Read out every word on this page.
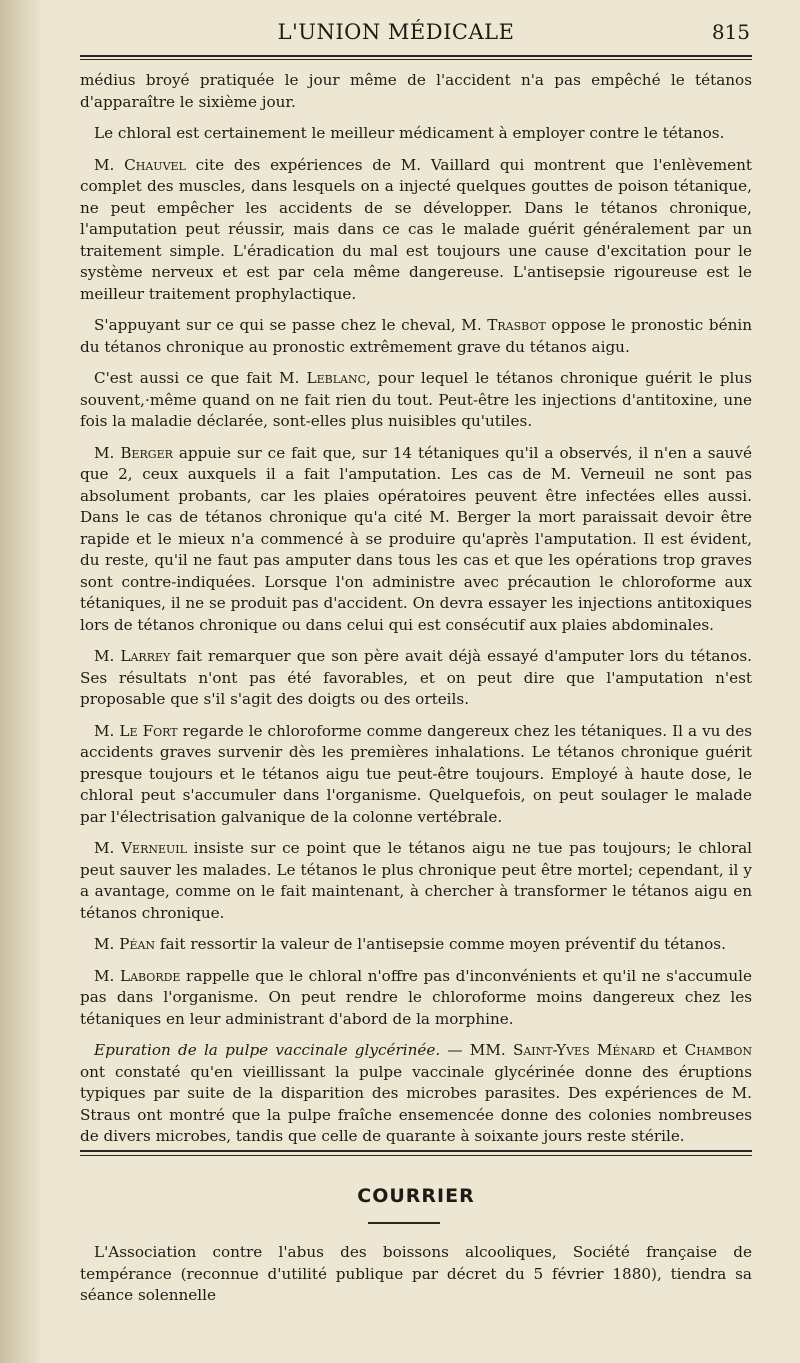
L'UNION MÉDICALE	815

médius broyé pratiquée le jour même de l'accident n'a pas empêché le tétanos d'apparaître le sixième jour.

Le chloral est certainement le meilleur médicament à employer contre le tétanos.

M. Chauvel cite des expériences de M. Vaillard qui montrent que l'enlèvement complet des muscles, dans lesquels on a injecté quelques gouttes de poison tétanique, ne peut empêcher les accidents de se développer. Dans le tétanos chronique, l'amputation peut réussir, mais dans ce cas le malade guérit généralement par un traitement simple. L'éradication du mal est toujours une cause d'excitation pour le système nerveux et est par cela même dangereuse. L'antisepsie rigoureuse est le meilleur traitement prophylactique.

S'appuyant sur ce qui se passe chez le cheval, M. Trasbot oppose le pronostic bénin du tétanos chronique au pronostic extrêmement grave du tétanos aigu.

C'est aussi ce que fait M. Leblanc, pour lequel le tétanos chronique guérit le plus souvent,·même quand on ne fait rien du tout. Peut-être les injections d'antitoxine, une fois la maladie déclarée, sont-elles plus nuisibles qu'utiles.

M. Berger appuie sur ce fait que, sur 14 tétaniques qu'il a observés, il n'en a sauvé que 2, ceux auxquels il a fait l'amputation. Les cas de M. Verneuil ne sont pas absolument probants, car les plaies opératoires peuvent être infectées elles aussi. Dans le cas de tétanos chronique qu'a cité M. Berger la mort paraissait devoir être rapide et le mieux n'a commencé à se produire qu'après l'amputation. Il est évident, du reste, qu'il ne faut pas amputer dans tous les cas et que les opérations trop graves sont contre-indiquées. Lorsque l'on administre avec précaution le chloroforme aux tétaniques, il ne se produit pas d'accident. On devra essayer les injections antitoxiques lors de tétanos chronique ou dans celui qui est consécutif aux plaies abdominales.

M. Larrey fait remarquer que son père avait déjà essayé d'amputer lors du tétanos. Ses résultats n'ont pas été favorables, et on peut dire que l'amputation n'est proposable que s'il s'agit des doigts ou des orteils.

M. Le Fort regarde le chloroforme comme dangereux chez les tétaniques. Il a vu des accidents graves survenir dès les premières inhalations. Le tétanos chronique guérit presque toujours et le tétanos aigu tue peut-être toujours. Employé à haute dose, le chloral peut s'accumuler dans l'organisme. Quelquefois, on peut soulager le malade par l'électrisation galvanique de la colonne vertébrale.

M. Verneuil insiste sur ce point que le tétanos aigu ne tue pas toujours; le chloral peut sauver les malades. Le tétanos le plus chronique peut être mortel; cependant, il y a avantage, comme on le fait maintenant, à chercher à transformer le tétanos aigu en tétanos chronique.

M. Péan fait ressortir la valeur de l'antisepsie comme moyen préventif du tétanos.

M. Laborde rappelle que le chloral n'offre pas d'inconvénients et qu'il ne s'accumule pas dans l'organisme. On peut rendre le chloroforme moins dangereux chez les tétaniques en leur administrant d'abord de la morphine.

Epuration de la pulpe vaccinale glycérinée. — MM. Saint-Yves Ménard et Chambon ont constaté qu'en vieillissant la pulpe vaccinale glycérinée donne des éruptions typiques par suite de la disparition des microbes parasites. Des expériences de M. Straus ont montré que la pulpe fraîche ensemencée donne des colonies nombreuses de divers microbes, tandis que celle de quarante à soixante jours reste stérile.

COURRIER

L'Association contre l'abus des boissons alcooliques, Société française de tempérance (reconnue d'utilité publique par décret du 5 février 1880), tiendra sa séance solennelle
